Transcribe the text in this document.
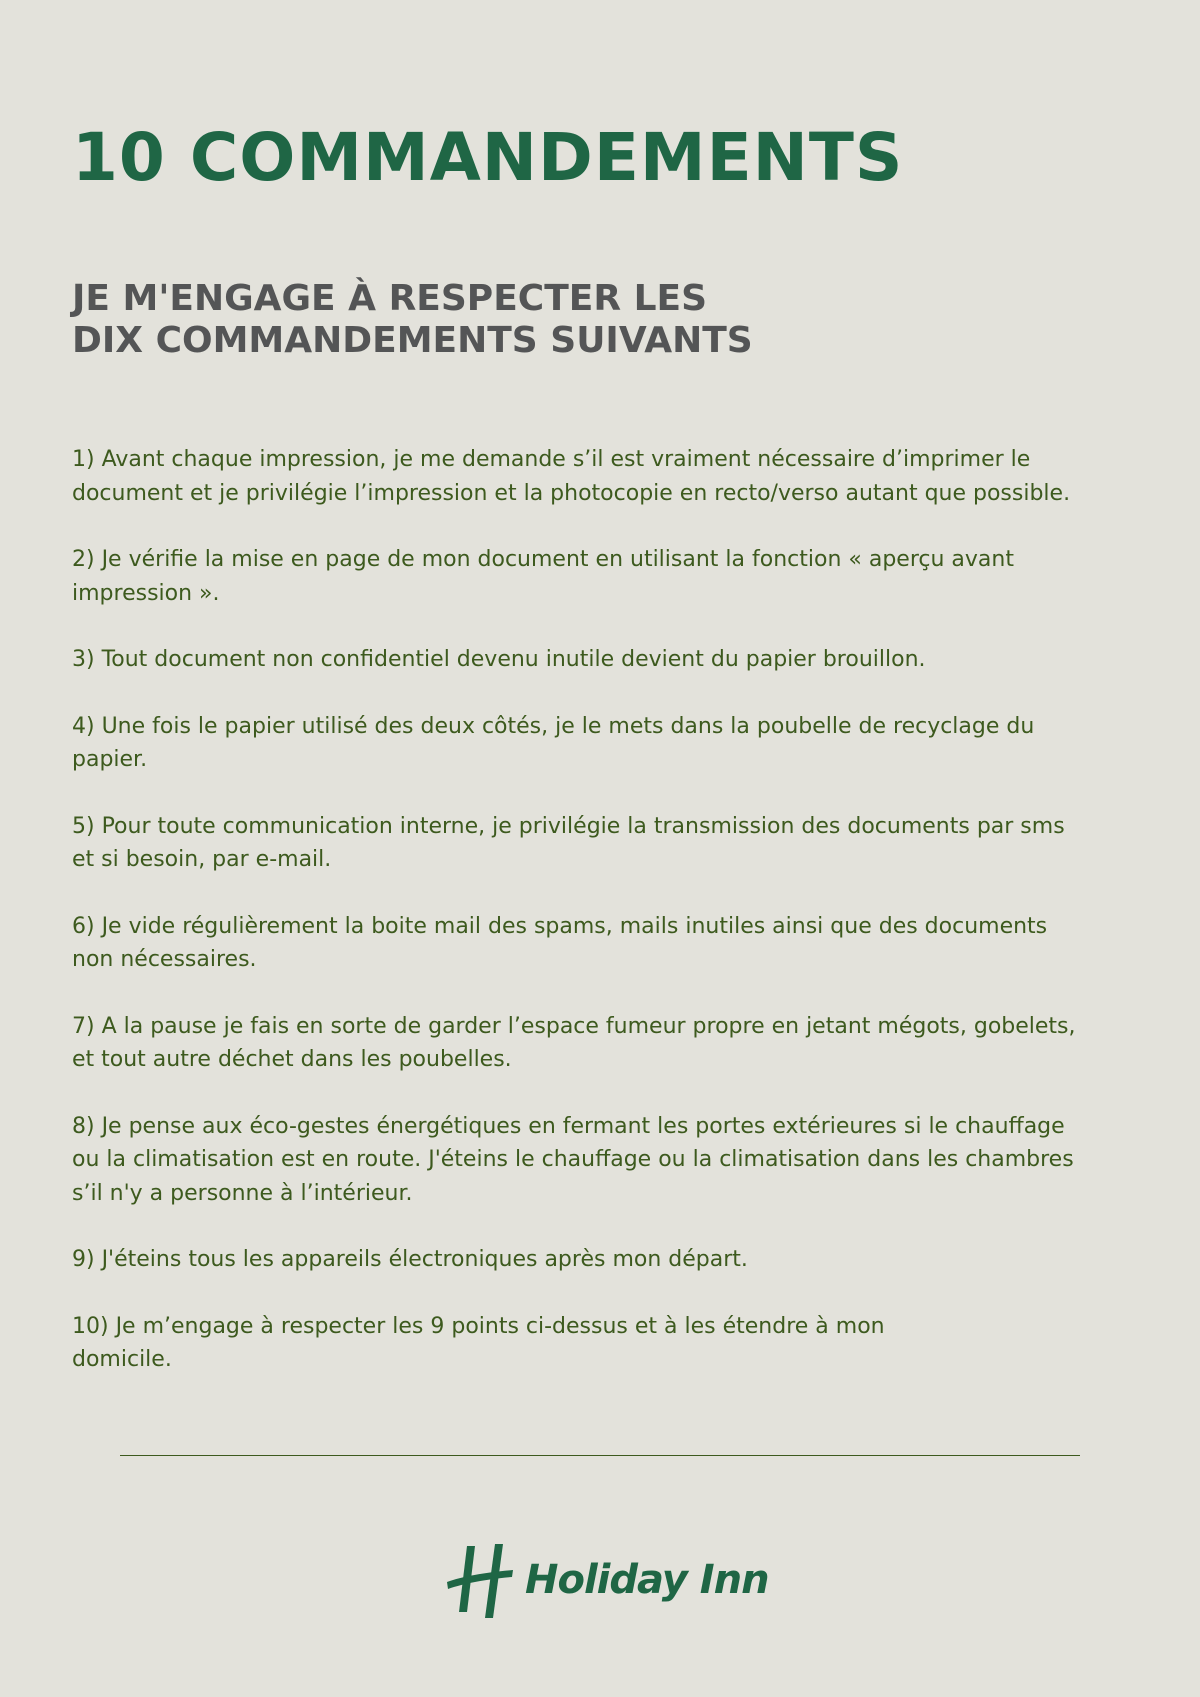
10 COMMANDEMENTS
JE M'ENGAGE À RESPECTER LES
DIX COMMANDEMENTS SUIVANTS
1) Avant chaque impression, je me demande s’il est vraiment nécessaire d’imprimer le document et je privilégie l’impression et la photocopie en recto/verso autant que possible.
2) Je vérifie la mise en page de mon document en utilisant la fonction « aperçu avant impression ».
3) Tout document non confidentiel devenu inutile devient du papier brouillon.
4) Une fois le papier utilisé des deux côtés, je le mets dans la poubelle de recyclage du papier.
5) Pour toute communication interne, je privilégie la transmission des documents par sms et si besoin, par e-mail.
6) Je vide régulièrement la boite mail des spams, mails inutiles ainsi que des documents non nécessaires.
7) A la pause je fais en sorte de garder l’espace fumeur propre en jetant mégots, gobelets, et tout autre déchet dans les poubelles.
8) Je pense aux éco-gestes énergétiques en fermant les portes extérieures si le chauffage ou la climatisation est en route. J'éteins le chauffage ou la climatisation dans les chambres s’il n'y a personne à l’intérieur.
9) J'éteins tous les appareils électroniques après mon départ.
10) Je m’engage à respecter les 9 points ci-dessus et à les étendre à mon domicile.
Holiday Inn
